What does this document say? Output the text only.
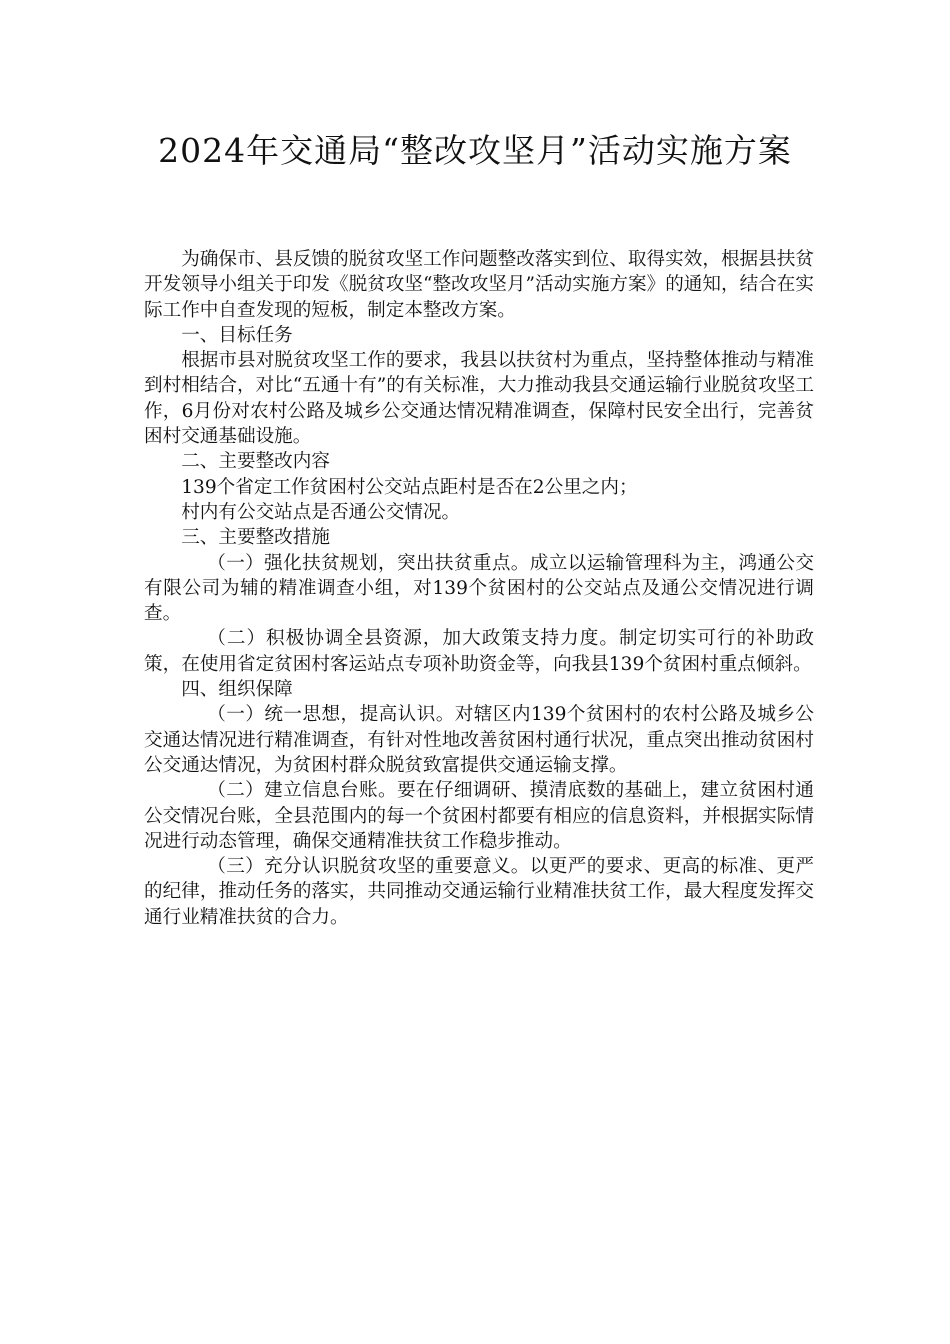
2024年交通局“整改攻坚月”活动实施方案

为确保市、县反馈的脱贫攻坚工作问题整改落实到位、取得实效，根据县扶贫开发领导小组关于印发《脱贫攻坚“整改攻坚月”活动实施方案》的通知，结合在实际工作中自查发现的短板，制定本整改方案。

一、目标任务

根据市县对脱贫攻坚工作的要求，我县以扶贫村为重点，坚持整体推动与精准到村相结合，对比“五通十有”的有关标准，大力推动我县交通运输行业脱贫攻坚工作，6月份对农村公路及城乡公交通达情况精准调查，保障村民安全出行，完善贫困村交通基础设施。

二、主要整改内容

139个省定工作贫困村公交站点距村是否在2公里之内；

村内有公交站点是否通公交情况。

三、主要整改措施

（一）强化扶贫规划，突出扶贫重点。成立以运输管理科为主，鸿通公交有限公司为辅的精准调查小组，对139个贫困村的公交站点及通公交情况进行调查。

（二）积极协调全县资源，加大政策支持力度。制定切实可行的补助政策，在使用省定贫困村客运站点专项补助资金等，向我县139个贫困村重点倾斜。

四、组织保障

（一）统一思想，提高认识。对辖区内139个贫困村的农村公路及城乡公交通达情况进行精准调查，有针对性地改善贫困村通行状况，重点突出推动贫困村公交通达情况，为贫困村群众脱贫致富提供交通运输支撑。

（二）建立信息台账。要在仔细调研、摸清底数的基础上，建立贫困村通公交情况台账，全县范围内的每一个贫困村都要有相应的信息资料，并根据实际情况进行动态管理，确保交通精准扶贫工作稳步推动。

（三）充分认识脱贫攻坚的重要意义。以更严的要求、更高的标准、更严的纪律，推动任务的落实，共同推动交通运输行业精准扶贫工作，最大程度发挥交通行业精准扶贫的合力。
